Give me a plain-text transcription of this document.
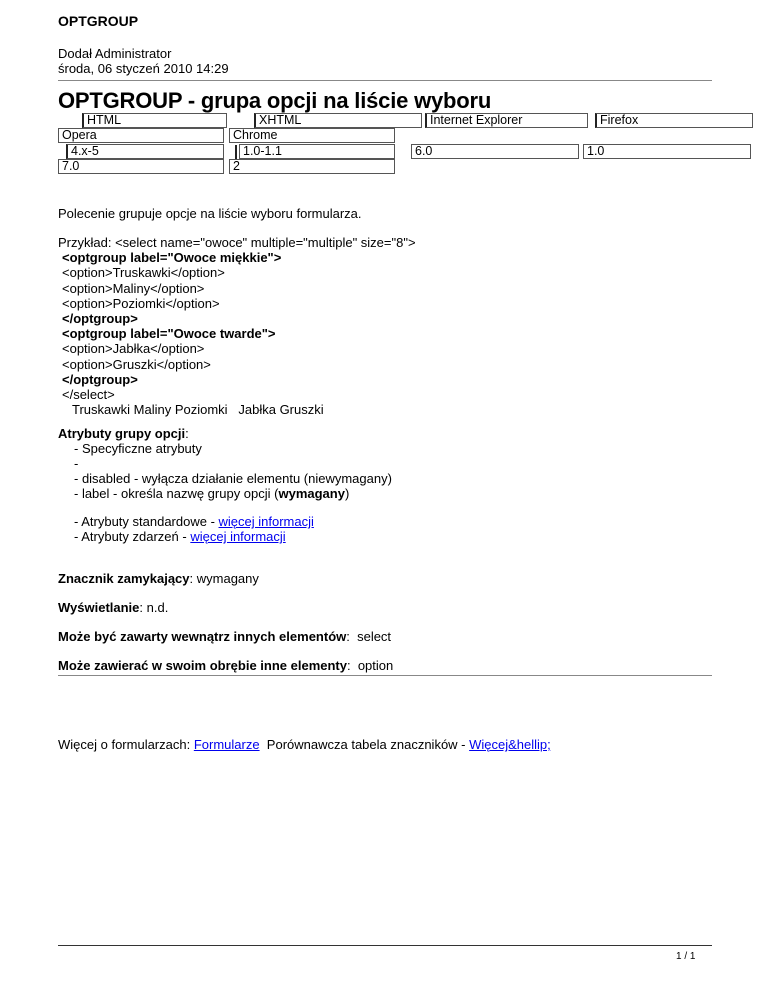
OPTGROUP
Dodał Administrator
środa, 06 styczeń 2010 14:29
OPTGROUP - grupa opcji na liście wyboru
HTML	XHTML	Internet Explorer	Firefox
Opera	Chrome
4.x-5	1.0-1.1	6.0	1.0
7.0	2

Polecenie grupuje opcje na liście wyboru formularza.

Przykład: <select name="owoce" multiple="multiple" size="8">
<optgroup label="Owoce miękkie">
<option>Truskawki</option>
<option>Maliny</option>
<option>Poziomki</option>
</optgroup>
<optgroup label="Owoce twarde">
<option>Jabłka</option>
<option>Gruszki</option>
</optgroup>
</select>
Truskawki Maliny Poziomki   Jabłka Gruszki

Atrybuty grupy opcji:

- Specyficzne atrybuty
-
- disabled - wyłącza działanie elementu (niewymagany)
- label - określa nazwę grupy opcji (wymagany)
- Atrybuty standardowe - więcej informacji
- Atrybuty zdarzeń - więcej informacji

Znacznik zamykający: wymagany

Wyświetlanie: n.d.

Może być zawarty wewnątrz innych elementów:  select

Może zawierać w swoim obrębie inne elementy:  option

Więcej o formularzach: Formularze  Porównawcza tabela znaczników - Więcej&hellip;

1 / 1
